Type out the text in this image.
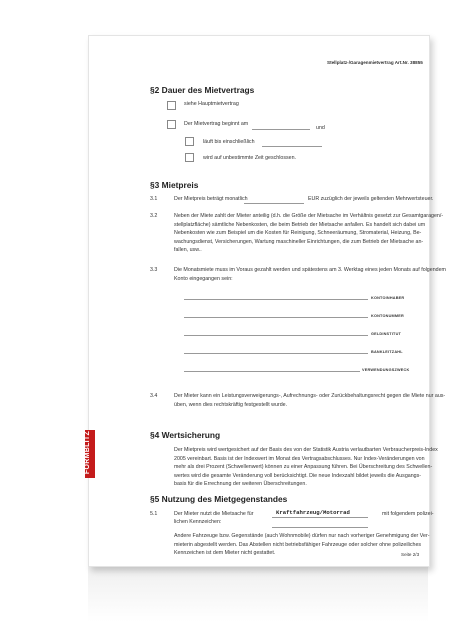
FORMBLITZ
Stellplatz-/Garagenmietvertrag Art.Nr. 38855
§2 Dauer des Mietvertrags
siehe Hauptmietvertrag
Der Mietvertrag beginnt am
und
läuft bis einschließlich
wird auf unbestimmte Zeit geschlossen.
§3 Mietpreis
3.1	Der Mietpreis beträgt monatlich	EUR zuzüglich der jeweils geltenden Mehrwertsteuer.
3.2	Neben der Miete zahlt der Mieter anteilig (d.h. die Größe der Mietsache im Verhältnis gesetzt zur Gesamtgaragen/-
stellplatzfläche) sämtliche Nebenkosten, die beim Betrieb der Mietsache anfallen. Es handelt sich dabei um
Nebenkosten wie zum Beispiel um die Kosten für Reinigung, Schneeräumung, Stromaterial, Heizung, Be-
wachungsdienst, Versicherungen, Wartung maschineller Einrichtungen, die zum Betrieb der Mietsache an-
fallen, usw..
3.3	Die Monatsmiete muss im Voraus gezahlt werden und spätestens am 3. Werktag eines jeden Monats auf folgendem
Konto eingegangen sein:
KONTOINHABER
KONTONUMMER
GELDINSTITUT
BANKLEITZAHL
VERWENDUNGSZWECK
3.4	Der Mieter kann ein Leistungsverweigerungs-, Aufrechnungs- oder Zurückbehaltungsrecht gegen die Miete nur aus-
üben, wenn dies rechtskräftig festgestellt wurde.
§4 Wertsicherung
Der Mietpreis wird wertgesichert auf der Basis des von der Statistik Austria verlautbarten Verbraucherpreis-Index
2005 vereinbart. Basis ist der Indexwert im Monat des Vertragsabschlusses. Nur Index-Veränderungen von
mehr als drei Prozent (Schwellenwert) können zu einer Anpassung führen. Bei Überschreitung des Schwellen-
wertes wird die gesamte Veränderung voll berücksichtigt. Die neue Indexzahl bildet jeweils die Ausgangs-
basis für die Errechnung der weiteren Überschreitungen.
§5 Nutzung des Mietgegenstandes
5.1	Der Mieter nutzt die Mietsache für	Kraftfahrzeug/Motorrad	mit folgendem polizei-
lichen Kennzeichen:
Andere Fahrzeuge bzw. Gegenstände (auch Wohnmobile) dürfen nur nach vorheriger Genehmigung der Ver-
mieterin abgestellt werden. Das Abstellen nicht betriebsfähiger Fahrzeuge oder solcher ohne polizeiliches
Kennzeichen ist dem Mieter nicht gestattet.	Seite 2/3
